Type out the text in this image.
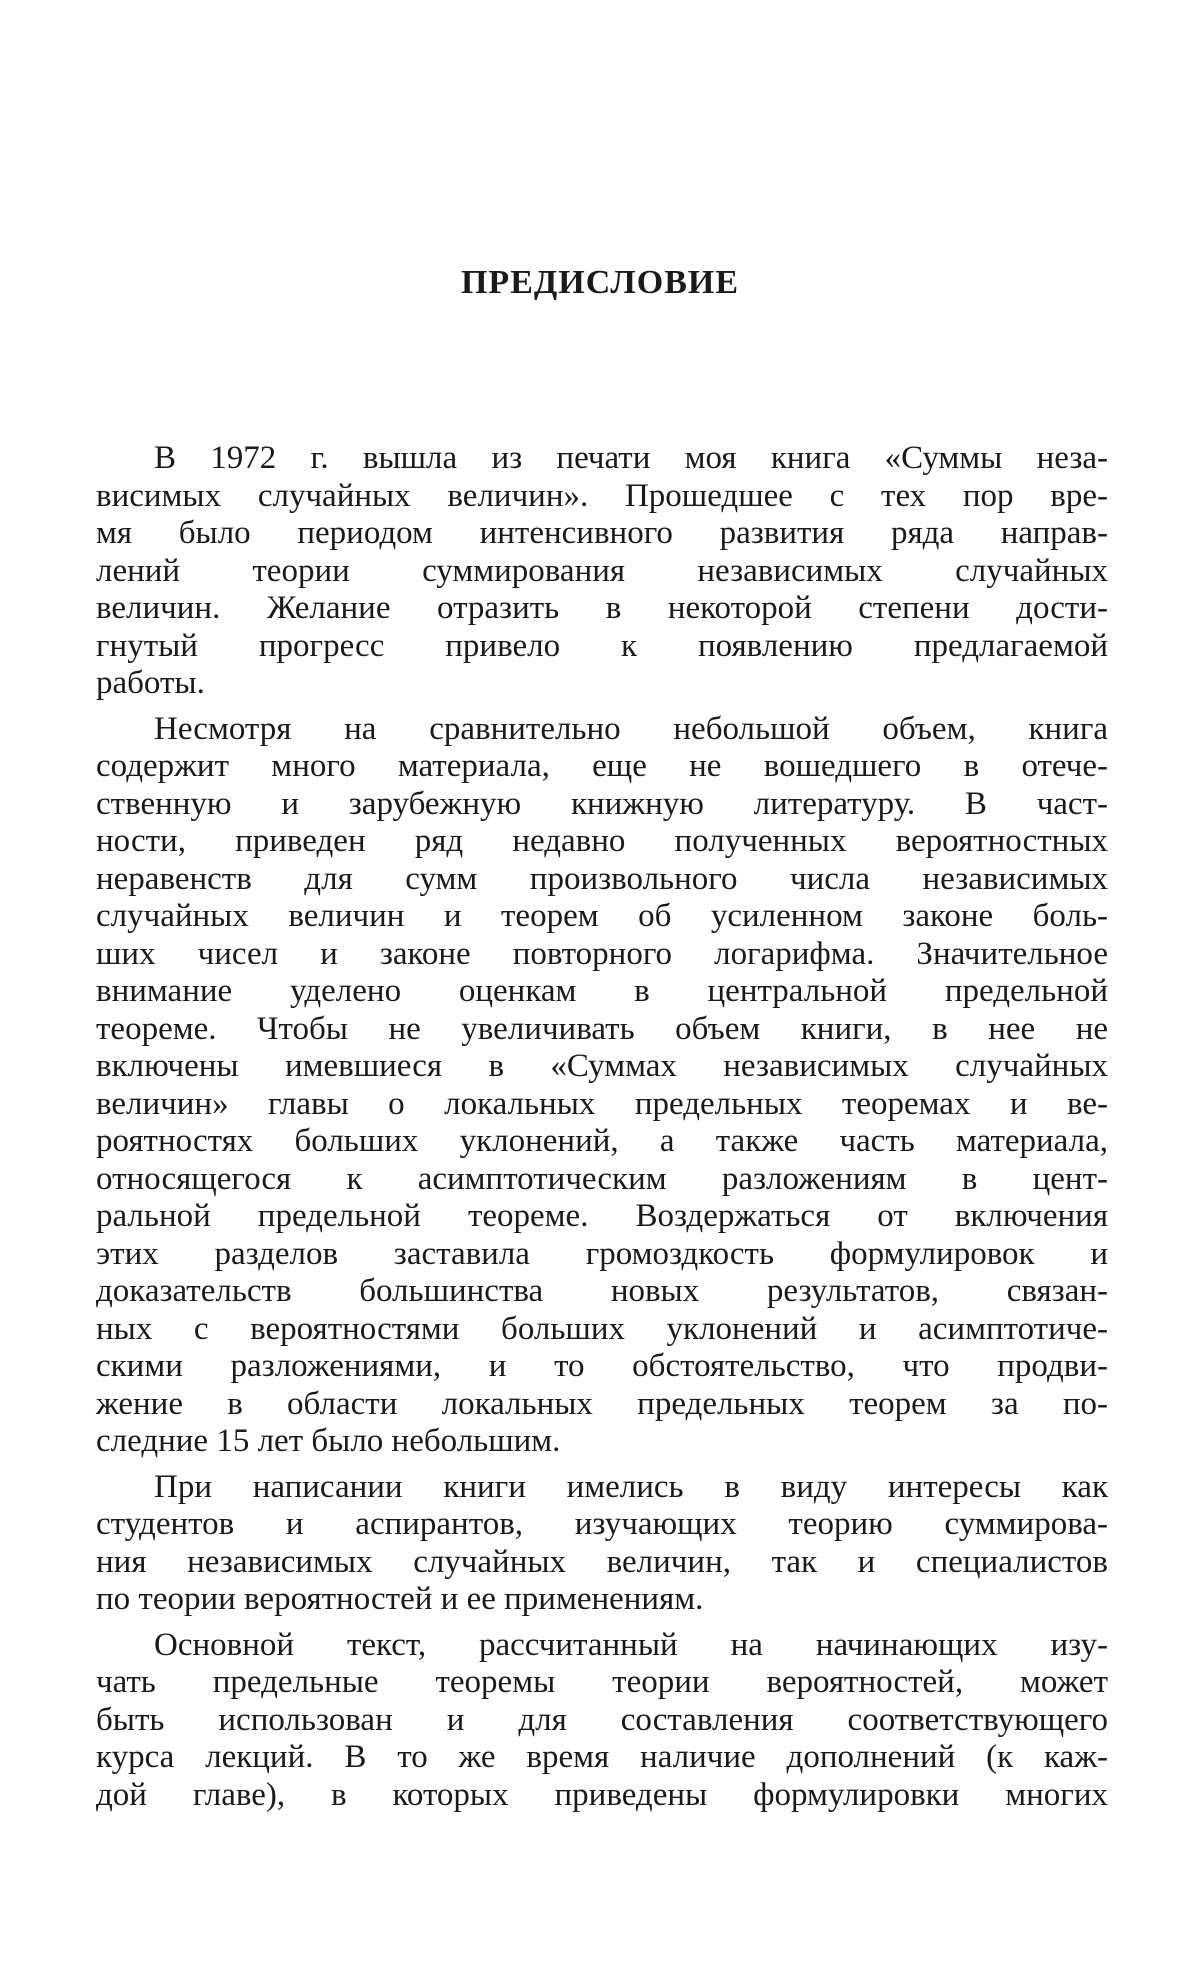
ПРЕДИСЛОВИЕ

В 1972 г. вышла из печати моя книга «Суммы неза-
висимых случайных величин». Прошедшее с тех пор вре-
мя было периодом интенсивного развития ряда направ-
лений теории суммирования независимых случайных
величин. Желание отразить в некоторой степени дости-
гнутый прогресс привело к появлению предлагаемой
работы.

Несмотря на сравнительно небольшой объем, книга
содержит много материала, еще не вошедшего в отече-
ственную и зарубежную книжную литературу. В част-
ности, приведен ряд недавно полученных вероятностных
неравенств для сумм произвольного числа независимых
случайных величин и теорем об усиленном законе боль-
ших чисел и законе повторного логарифма. Значительное
внимание уделено оценкам в центральной предельной
теореме. Чтобы не увеличивать объем книги, в нее не
включены имевшиеся в «Суммах независимых случайных
величин» главы о локальных предельных теоремах и ве-
роятностях больших уклонений, а также часть материала,
относящегося к асимптотическим разложениям в цент-
ральной предельной теореме. Воздержаться от включения
этих разделов заставила громоздкость формулировок и
доказательств большинства новых результатов, связан-
ных с вероятностями больших уклонений и асимптотиче-
скими разложениями, и то обстоятельство, что продви-
жение в области локальных предельных теорем за по-
следние 15 лет было небольшим.

При написании книги имелись в виду интересы как
студентов и аспирантов, изучающих теорию суммирова-
ния независимых случайных величин, так и специалистов
по теории вероятностей и ее применениям.

Основной текст, рассчитанный на начинающих изу-
чать предельные теоремы теории вероятностей, может
быть использован и для составления соответствующего
курса лекций. В то же время наличие дополнений (к каж-
дой главе), в которых приведены формулировки многих
